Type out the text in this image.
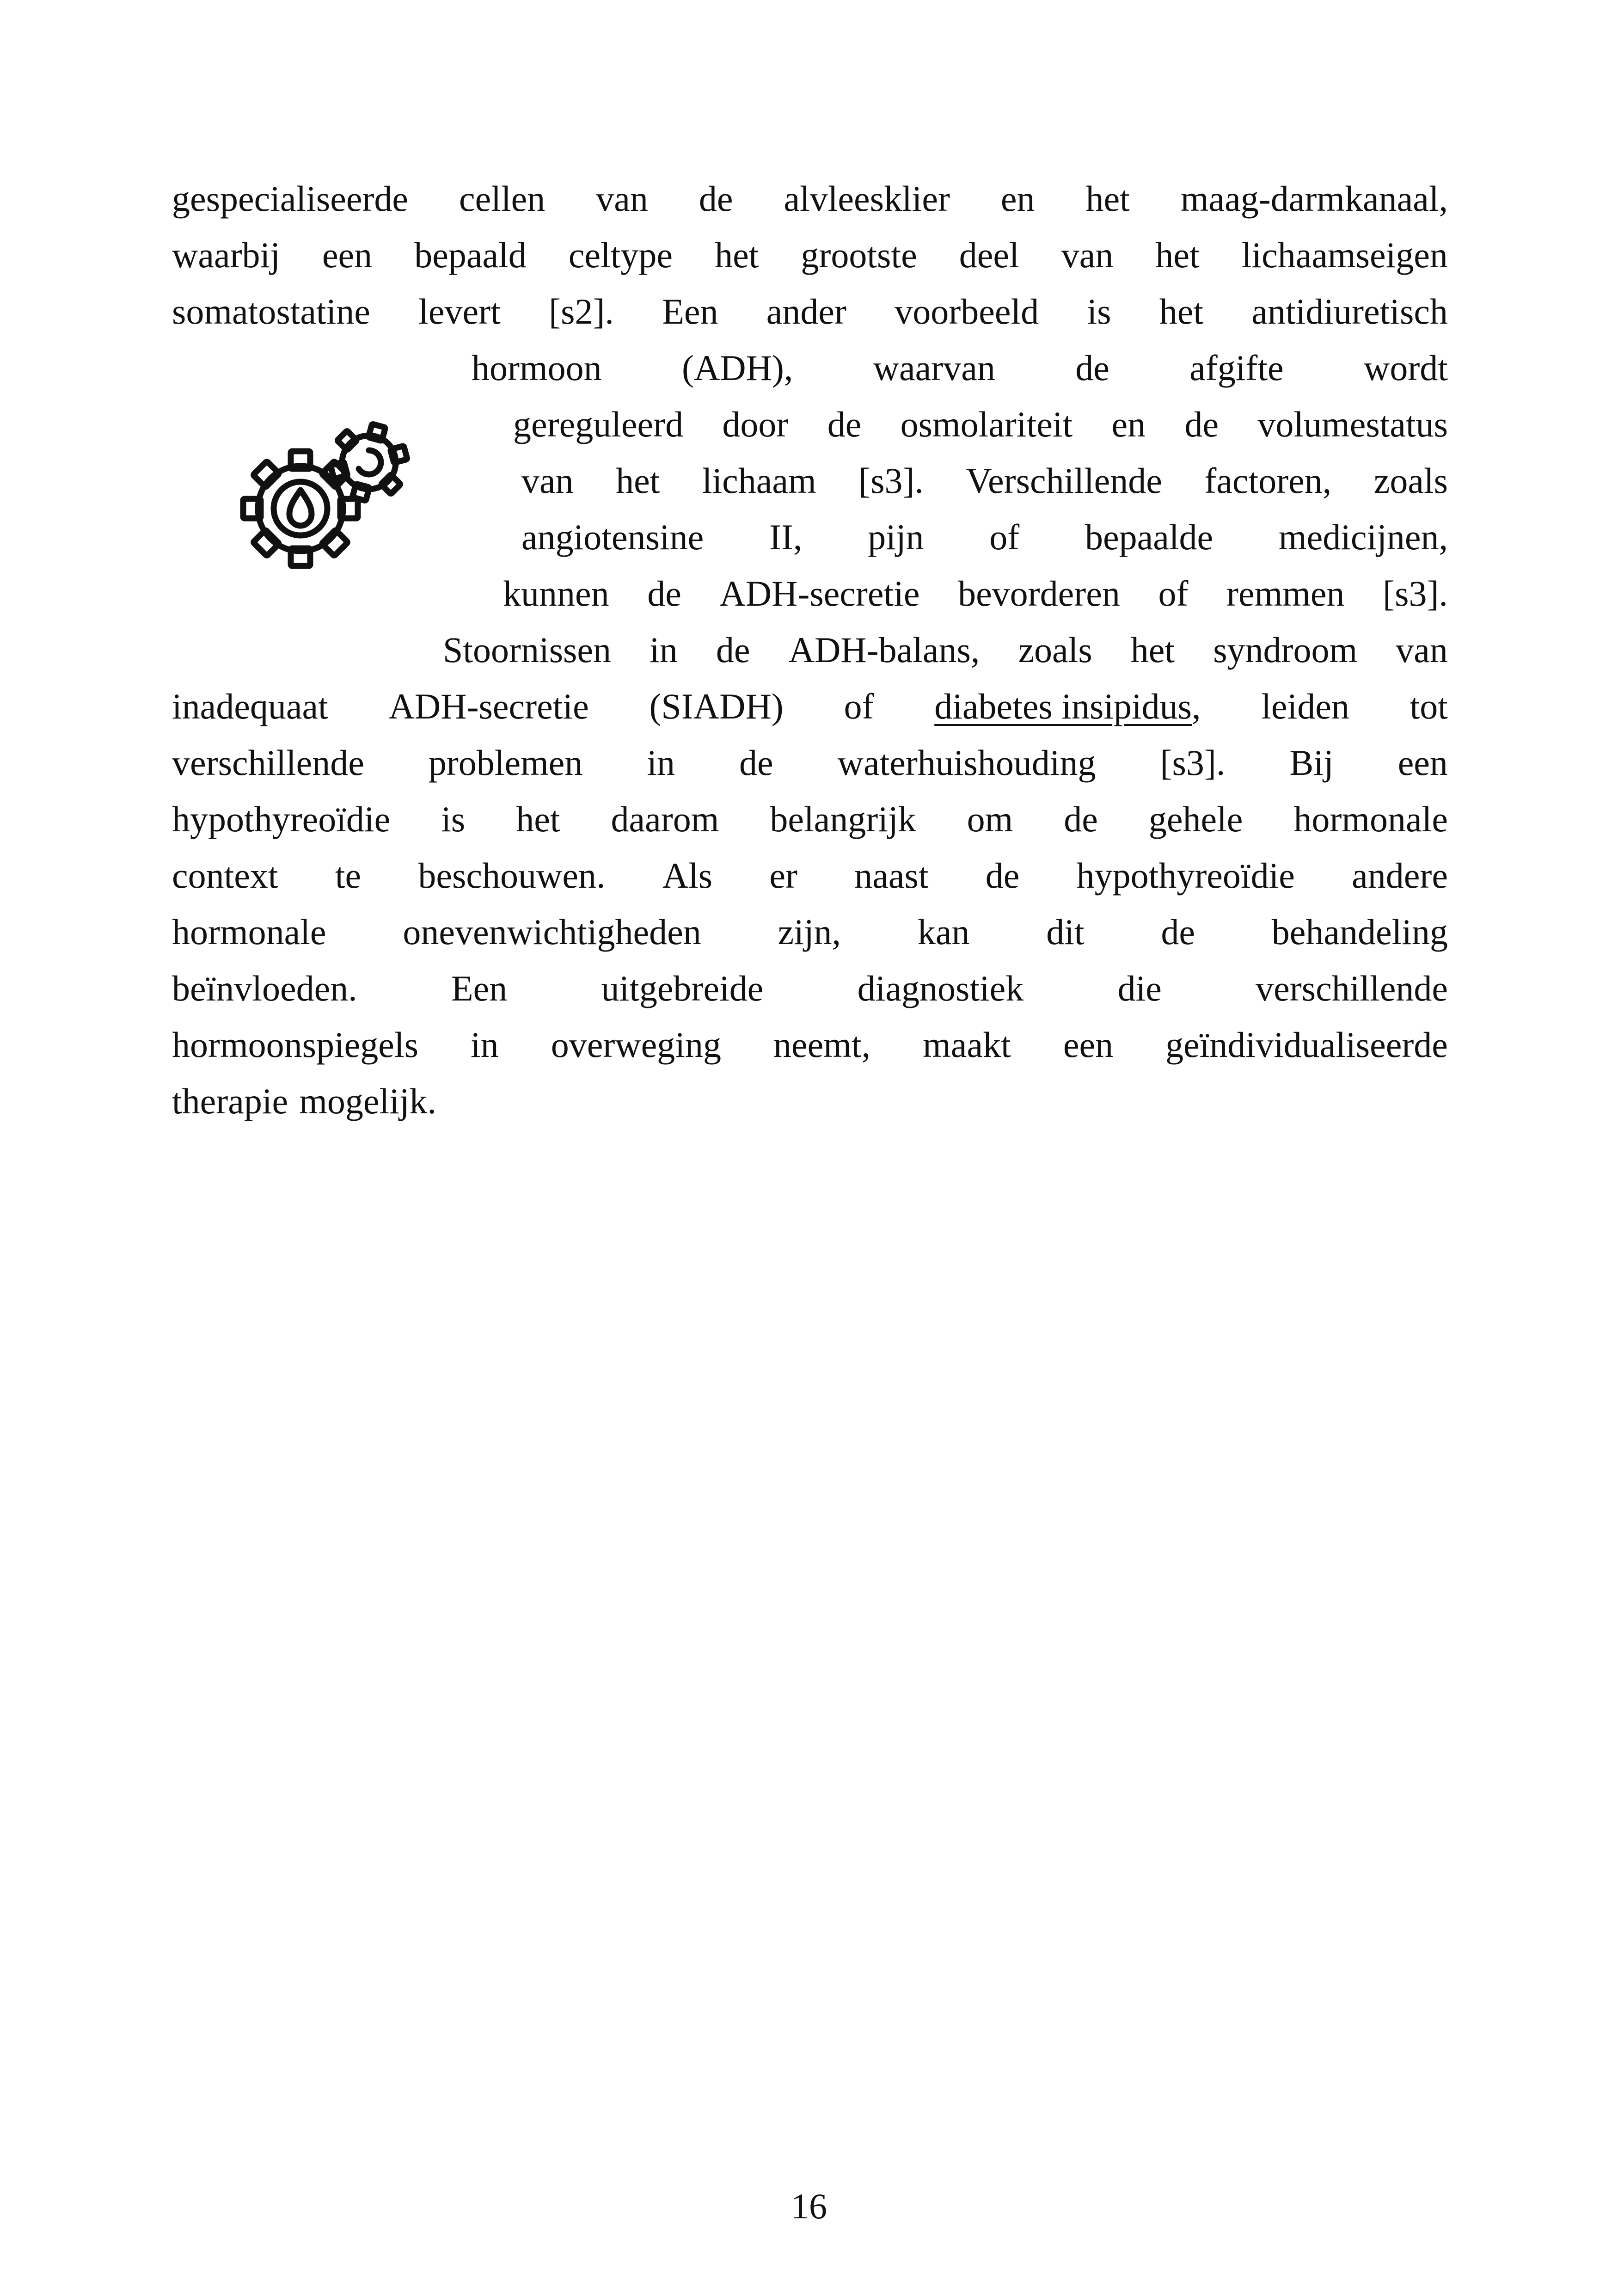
gespecialiseerde cellen van de alvleesklier en het maag-darmkanaal,
waarbij een bepaald celtype het grootste deel van het lichaamseigen
somatostatine levert [s2]. Een ander voorbeeld is het antidiuretisch
hormoon (ADH), waarvan de afgifte wordt
gereguleerd door de osmolariteit en de volumestatus
van het lichaam [s3]. Verschillende factoren, zoals
angiotensine II, pijn of bepaalde medicijnen,
kunnen de ADH-secretie bevorderen of remmen [s3].
Stoornissen in de ADH-balans, zoals het syndroom van
inadequaat ADH-secretie (SIADH) of diabetes insipidus, leiden tot
verschillende problemen in de waterhuishouding [s3]. Bij een
hypothyreoïdie is het daarom belangrijk om de gehele hormonale
context te beschouwen. Als er naast de hypothyreoïdie andere
hormonale onevenwichtigheden zijn, kan dit de behandeling
beïnvloeden.	Een	uitgebreide	diagnostiek	die	verschillende
hormoonspiegels in overweging neemt, maakt een geïndividualiseerde
therapie mogelijk.
16
